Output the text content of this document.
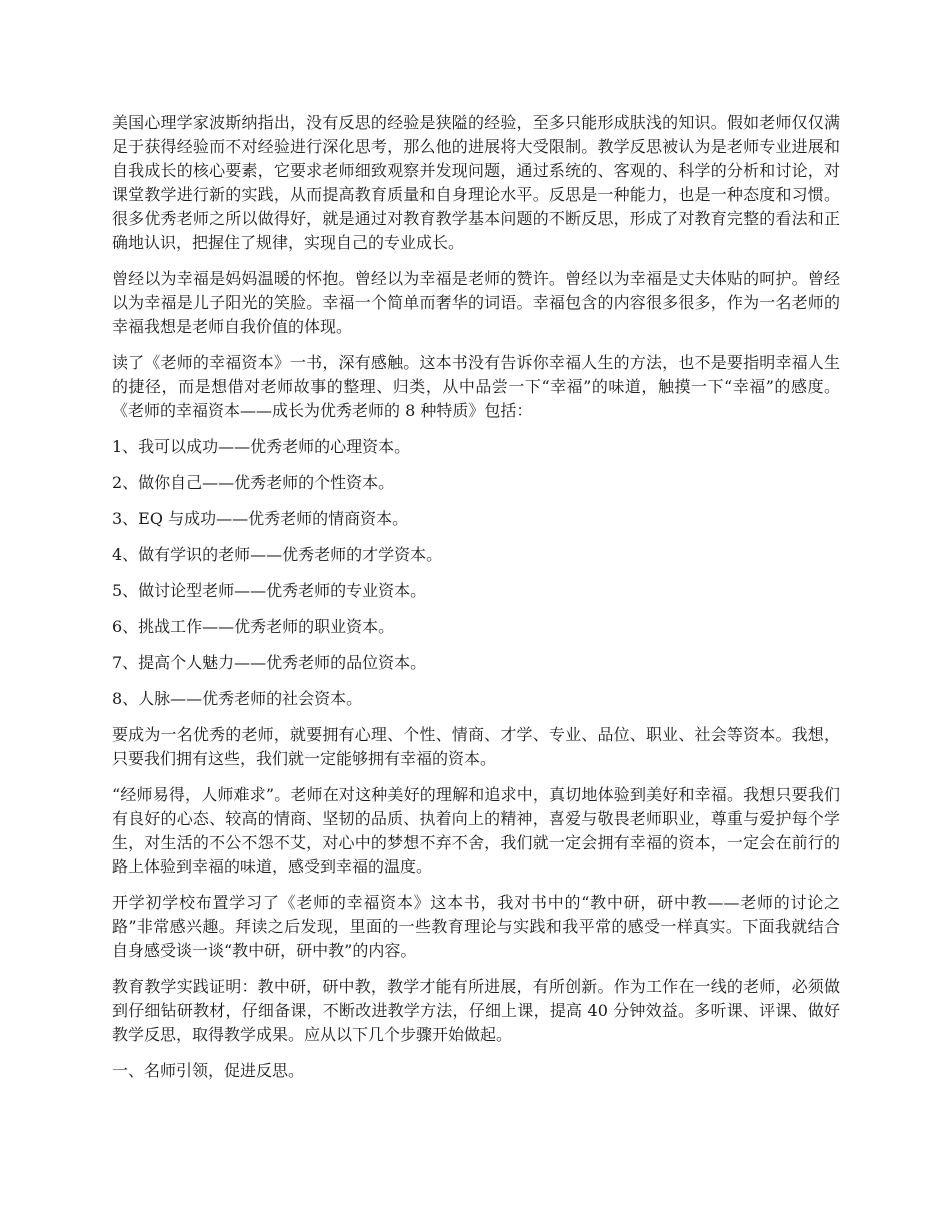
美国心理学家波斯纳指出，没有反思的经验是狭隘的经验，至多只能形成肤浅的知识。假如老师仅仅满足于获得经验而不对经验进行深化思考，那么他的进展将大受限制。教学反思被认为是老师专业进展和自我成长的核心要素，它要求老师细致观察并发现问题，通过系统的、客观的、科学的分析和讨论，对课堂教学进行新的实践，从而提高教育质量和自身理论水平。反思是一种能力，也是一种态度和习惯。很多优秀老师之所以做得好，就是通过对教育教学基本问题的不断反思，形成了对教育完整的看法和正确地认识，把握住了规律，实现自己的专业成长。

曾经以为幸福是妈妈温暖的怀抱。曾经以为幸福是老师的赞许。曾经以为幸福是丈夫体贴的呵护。曾经以为幸福是儿子阳光的笑脸。幸福一个简单而奢华的词语。幸福包含的内容很多很多，作为一名老师的幸福我想是老师自我价值的体现。

读了《老师的幸福资本》一书，深有感触。这本书没有告诉你幸福人生的方法，也不是要指明幸福人生的捷径，而是想借对老师故事的整理、归类，从中品尝一下“幸福”的味道，触摸一下“幸福”的感度。《老师的幸福资本——成长为优秀老师的 8 种特质》包括：

1、我可以成功——优秀老师的心理资本。

2、做你自己——优秀老师的个性资本。

3、EQ 与成功——优秀老师的情商资本。

4、做有学识的老师——优秀老师的才学资本。

5、做讨论型老师——优秀老师的专业资本。

6、挑战工作——优秀老师的职业资本。

7、提高个人魅力——优秀老师的品位资本。

8、人脉——优秀老师的社会资本。

要成为一名优秀的老师，就要拥有心理、个性、情商、才学、专业、品位、职业、社会等资本。我想，只要我们拥有这些，我们就一定能够拥有幸福的资本。

“经师易得，人师难求”。老师在对这种美好的理解和追求中，真切地体验到美好和幸福。我想只要我们有良好的心态、较高的情商、坚韧的品质、执着向上的精神，喜爱与敬畏老师职业，尊重与爱护每个学生，对生活的不公不怨不艾，对心中的梦想不弃不舍，我们就一定会拥有幸福的资本，一定会在前行的路上体验到幸福的味道，感受到幸福的温度。

开学初学校布置学习了《老师的幸福资本》这本书，我对书中的“教中研，研中教——老师的讨论之路”非常感兴趣。拜读之后发现，里面的一些教育理论与实践和我平常的感受一样真实。下面我就结合自身感受谈一谈“教中研，研中教”的内容。

教育教学实践证明：教中研，研中教，教学才能有所进展，有所创新。作为工作在一线的老师，必须做到仔细钻研教材，仔细备课，不断改进教学方法，仔细上课，提高 40 分钟效益。多听课、评课、做好教学反思，取得教学成果。应从以下几个步骤开始做起。

一、名师引领，促进反思。
